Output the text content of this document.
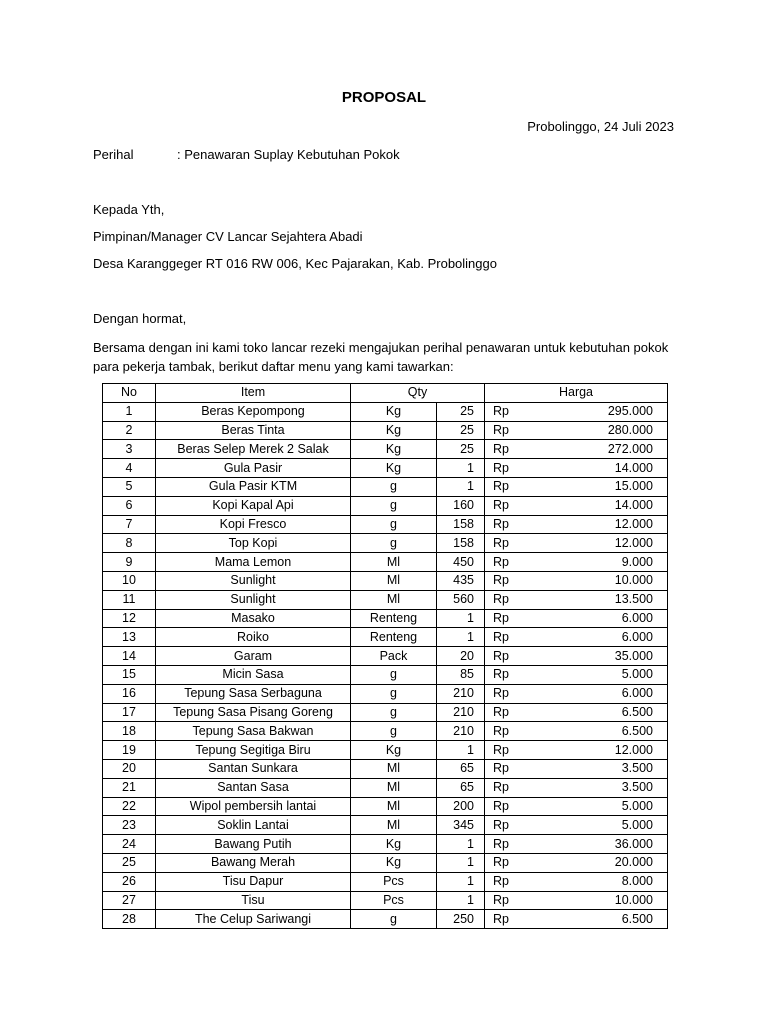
PROPOSAL
Probolinggo, 24 Juli 2023
Perihal	: Penawaran Suplay Kebutuhan Pokok
Kepada Yth,
Pimpinan/Manager CV Lancar Sejahtera Abadi
Desa Karanggeger RT 016 RW 006, Kec Pajarakan, Kab. Probolinggo
Dengan hormat,
Bersama dengan ini kami toko lancar rezeki mengajukan perihal penawaran untuk kebutuhan pokok
para pekerja tambak, berikut daftar menu yang kami tawarkan:
No	Item	Qty		Harga	
1	Beras Kepompong	Kg	25	Rp	295.000
2	Beras Tinta	Kg	25	Rp	280.000
3	Beras Selep Merek 2 Salak	Kg	25	Rp	272.000
4	Gula Pasir	Kg	1	Rp	14.000
5	Gula Pasir KTM	g	1	Rp	15.000
6	Kopi Kapal Api	g	160	Rp	14.000
7	Kopi Fresco	g	158	Rp	12.000
8	Top Kopi	g	158	Rp	12.000
9	Mama Lemon	Ml	450	Rp	9.000
10	Sunlight	Ml	435	Rp	10.000
11	Sunlight	Ml	560	Rp	13.500
12	Masako	Renteng	1	Rp	6.000
13	Roiko	Renteng	1	Rp	6.000
14	Garam	Pack	20	Rp	35.000
15	Micin Sasa	g	85	Rp	5.000
16	Tepung Sasa Serbaguna	g	210	Rp	6.000
17	Tepung Sasa Pisang Goreng	g	210	Rp	6.500
18	Tepung Sasa Bakwan	g	210	Rp	6.500
19	Tepung Segitiga Biru	Kg	1	Rp	12.000
20	Santan Sunkara	Ml	65	Rp	3.500
21	Santan Sasa	Ml	65	Rp	3.500
22	Wipol pembersih lantai	Ml	200	Rp	5.000
23	Soklin Lantai	Ml	345	Rp	5.000
24	Bawang Putih	Kg	1	Rp	36.000
25	Bawang Merah	Kg	1	Rp	20.000
26	Tisu Dapur	Pcs	1	Rp	8.000
27	Tisu	Pcs	1	Rp	10.000
28	The Celup Sariwangi	g	250	Rp	6.500
